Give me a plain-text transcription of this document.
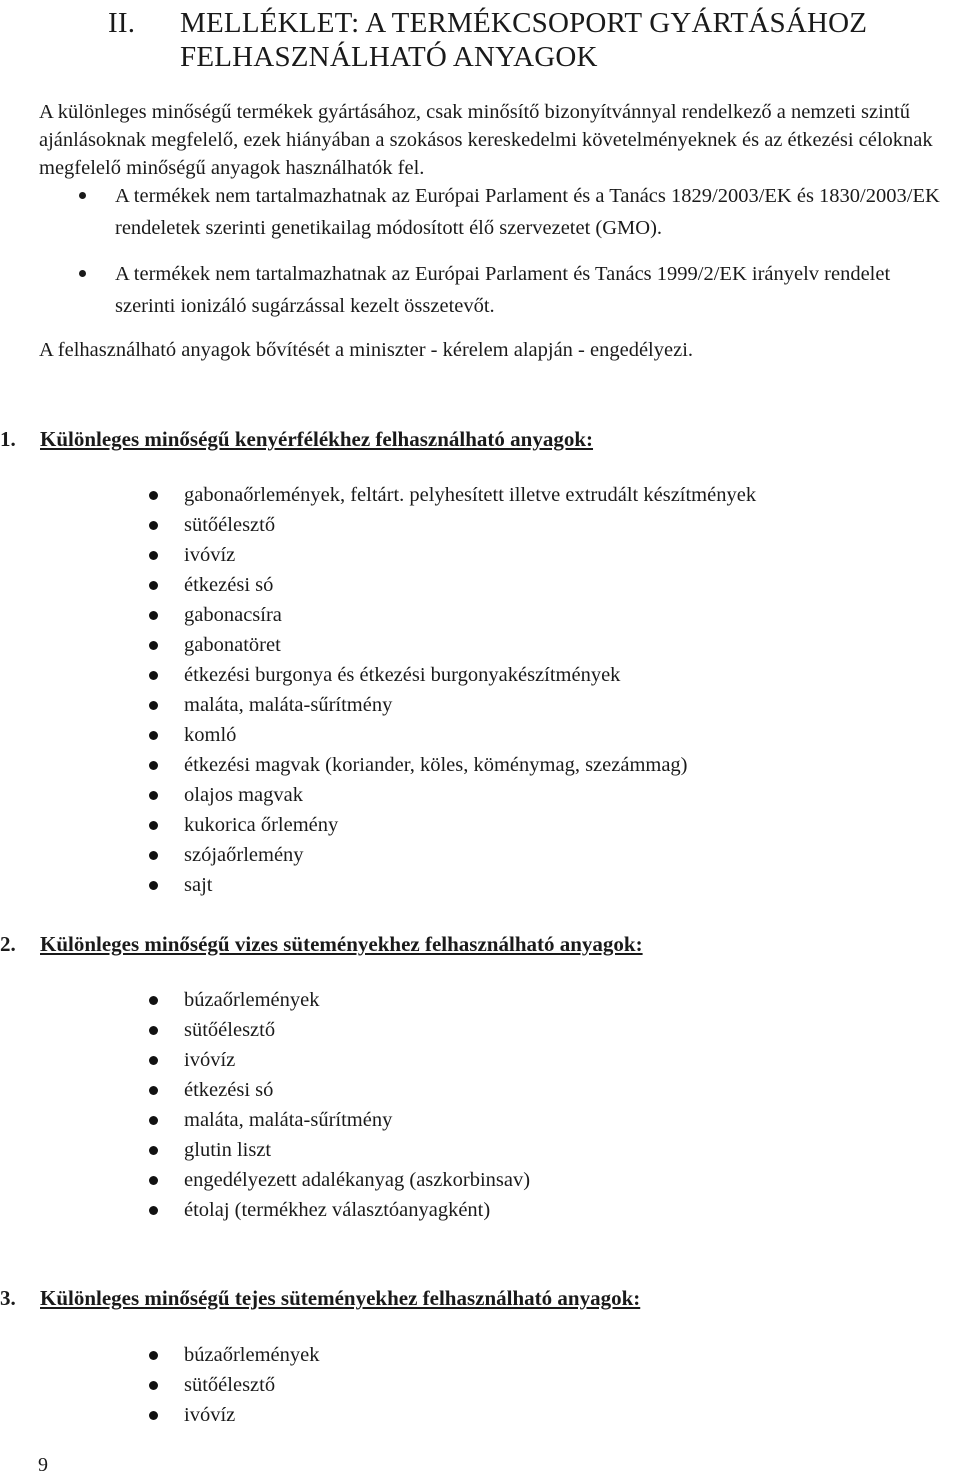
II. MELLÉKLET: A TERMÉKCSOPORT GYÁRTÁSÁHOZ
FELHASZNÁLHATÓ ANYAGOK

A különleges minőségű termékek gyártásához, csak minősítő bizonyítvánnyal rendelkező a nemzeti szintű ajánlásoknak megfelelő, ezek hiányában a szokásos kereskedelmi követelményeknek és az étkezési céloknak megfelelő minőségű anyagok használhatók fel.

A termékek nem tartalmazhatnak az Európai Parlament és a Tanács 1829/2003/EK és 1830/2003/EK rendeletek szerinti genetikailag módosított élő szervezetet (GMO).
A termékek nem tartalmazhatnak az Európai Parlament és Tanács 1999/2/EK irányelv rendelet szerinti ionizáló sugárzással kezelt összetevőt.
A felhasználható anyagok bővítését a miniszter - kérelem alapján - engedélyezi.
1. Különleges minőségű kenyérfélékhez felhasználható anyagok:
gabonaőrlemények, feltárt. pelyhesített illetve extrudált készítmények
sütőélesztő
ivóvíz
étkezési só
gabonacsíra
gabonatöret
étkezési burgonya és étkezési burgonyakészítmények
maláta, maláta-sűrítmény
komló
étkezési magvak (koriander, köles, köménymag, szezámmag)
olajos magvak
kukorica őrlemény
szójaőrlemény
sajt
2. Különleges minőségű vizes süteményekhez felhasználható anyagok:
búzaőrlemények
sütőélesztő
ivóvíz
étkezési só
maláta, maláta-sűrítmény
glutin liszt
engedélyezett adalékanyag (aszkorbinsav)
étolaj (termékhez választóanyagként)
3. Különleges minőségű tejes süteményekhez felhasználható anyagok:
búzaőrlemények
sütőélesztő
ivóvíz
9
